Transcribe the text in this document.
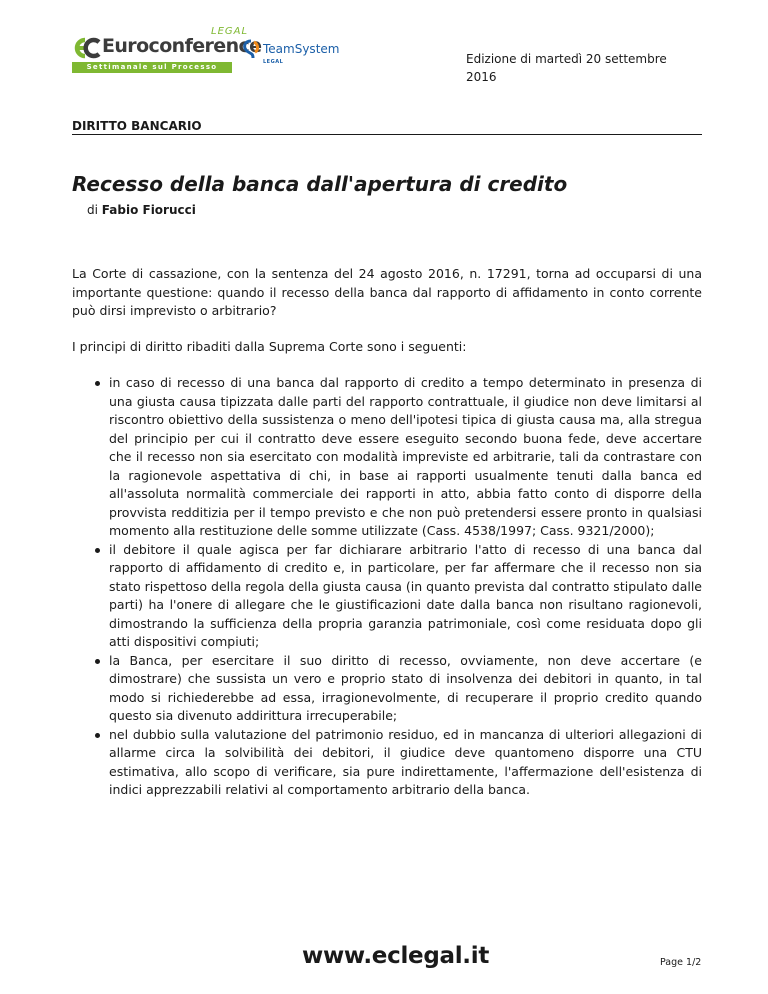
Euroconference
LEGAL
Settimanale sul Processo Civile
TeamSystem
LEGAL	Edizione di martedì 20 settembre 2016
DIRITTO BANCARIO
Recesso della banca dall'apertura di credito
di Fabio Fiorucci

La Corte di cassazione, con la sentenza del 24 agosto 2016, n. 17291, torna ad occuparsi di una importante questione: quando il recesso della banca dal rapporto di affidamento in conto corrente può dirsi imprevisto o arbitrario?

I principi di diritto ribaditi dalla Suprema Corte sono i seguenti:

in caso di recesso di una banca dal rapporto di credito a tempo determinato in presenza di una giusta causa tipizzata dalle parti del rapporto contrattuale, il giudice non deve limitarsi al riscontro obiettivo della sussistenza o meno dell'ipotesi tipica di giusta causa ma, alla stregua del principio per cui il contratto deve essere eseguito secondo buona fede, deve accertare che il recesso non sia esercitato con modalità impreviste ed arbitrarie, tali da contrastare con la ragionevole aspettativa di chi, in base ai rapporti usualmente tenuti dalla banca ed all'assoluta normalità commerciale dei rapporti in atto, abbia fatto conto di disporre della provvista redditizia per il tempo previsto e che non può pretendersi essere pronto in qualsiasi momento alla restituzione delle somme utilizzate (Cass. 4538/1997; Cass. 9321/2000);
il debitore il quale agisca per far dichiarare arbitrario l'atto di recesso di una banca dal rapporto di affidamento di credito e, in particolare, per far affermare che il recesso non sia stato rispettoso della regola della giusta causa (in quanto prevista dal contratto stipulato dalle parti) ha l'onere di allegare che le giustificazioni date dalla banca non risultano ragionevoli, dimostrando la sufficienza della propria garanzia patrimoniale, così come residuata dopo gli atti dispositivi compiuti;
la Banca, per esercitare il suo diritto di recesso, ovviamente, non deve accertare (e dimostrare) che sussista un vero e proprio stato di insolvenza dei debitori in quanto, in tal modo si richiederebbe ad essa, irragionevolmente, di recuperare il proprio credito quando questo sia divenuto addirittura irrecuperabile;
nel dubbio sulla valutazione del patrimonio residuo, ed in mancanza di ulteriori allegazioni di allarme circa la solvibilità dei debitori, il giudice deve quantomeno disporre una CTU estimativa, allo scopo di verificare, sia pure indirettamente, l'affermazione dell'esistenza di indici apprezzabili relativi al comportamento arbitrario della banca.
www.eclegal.it	Page 1/2
